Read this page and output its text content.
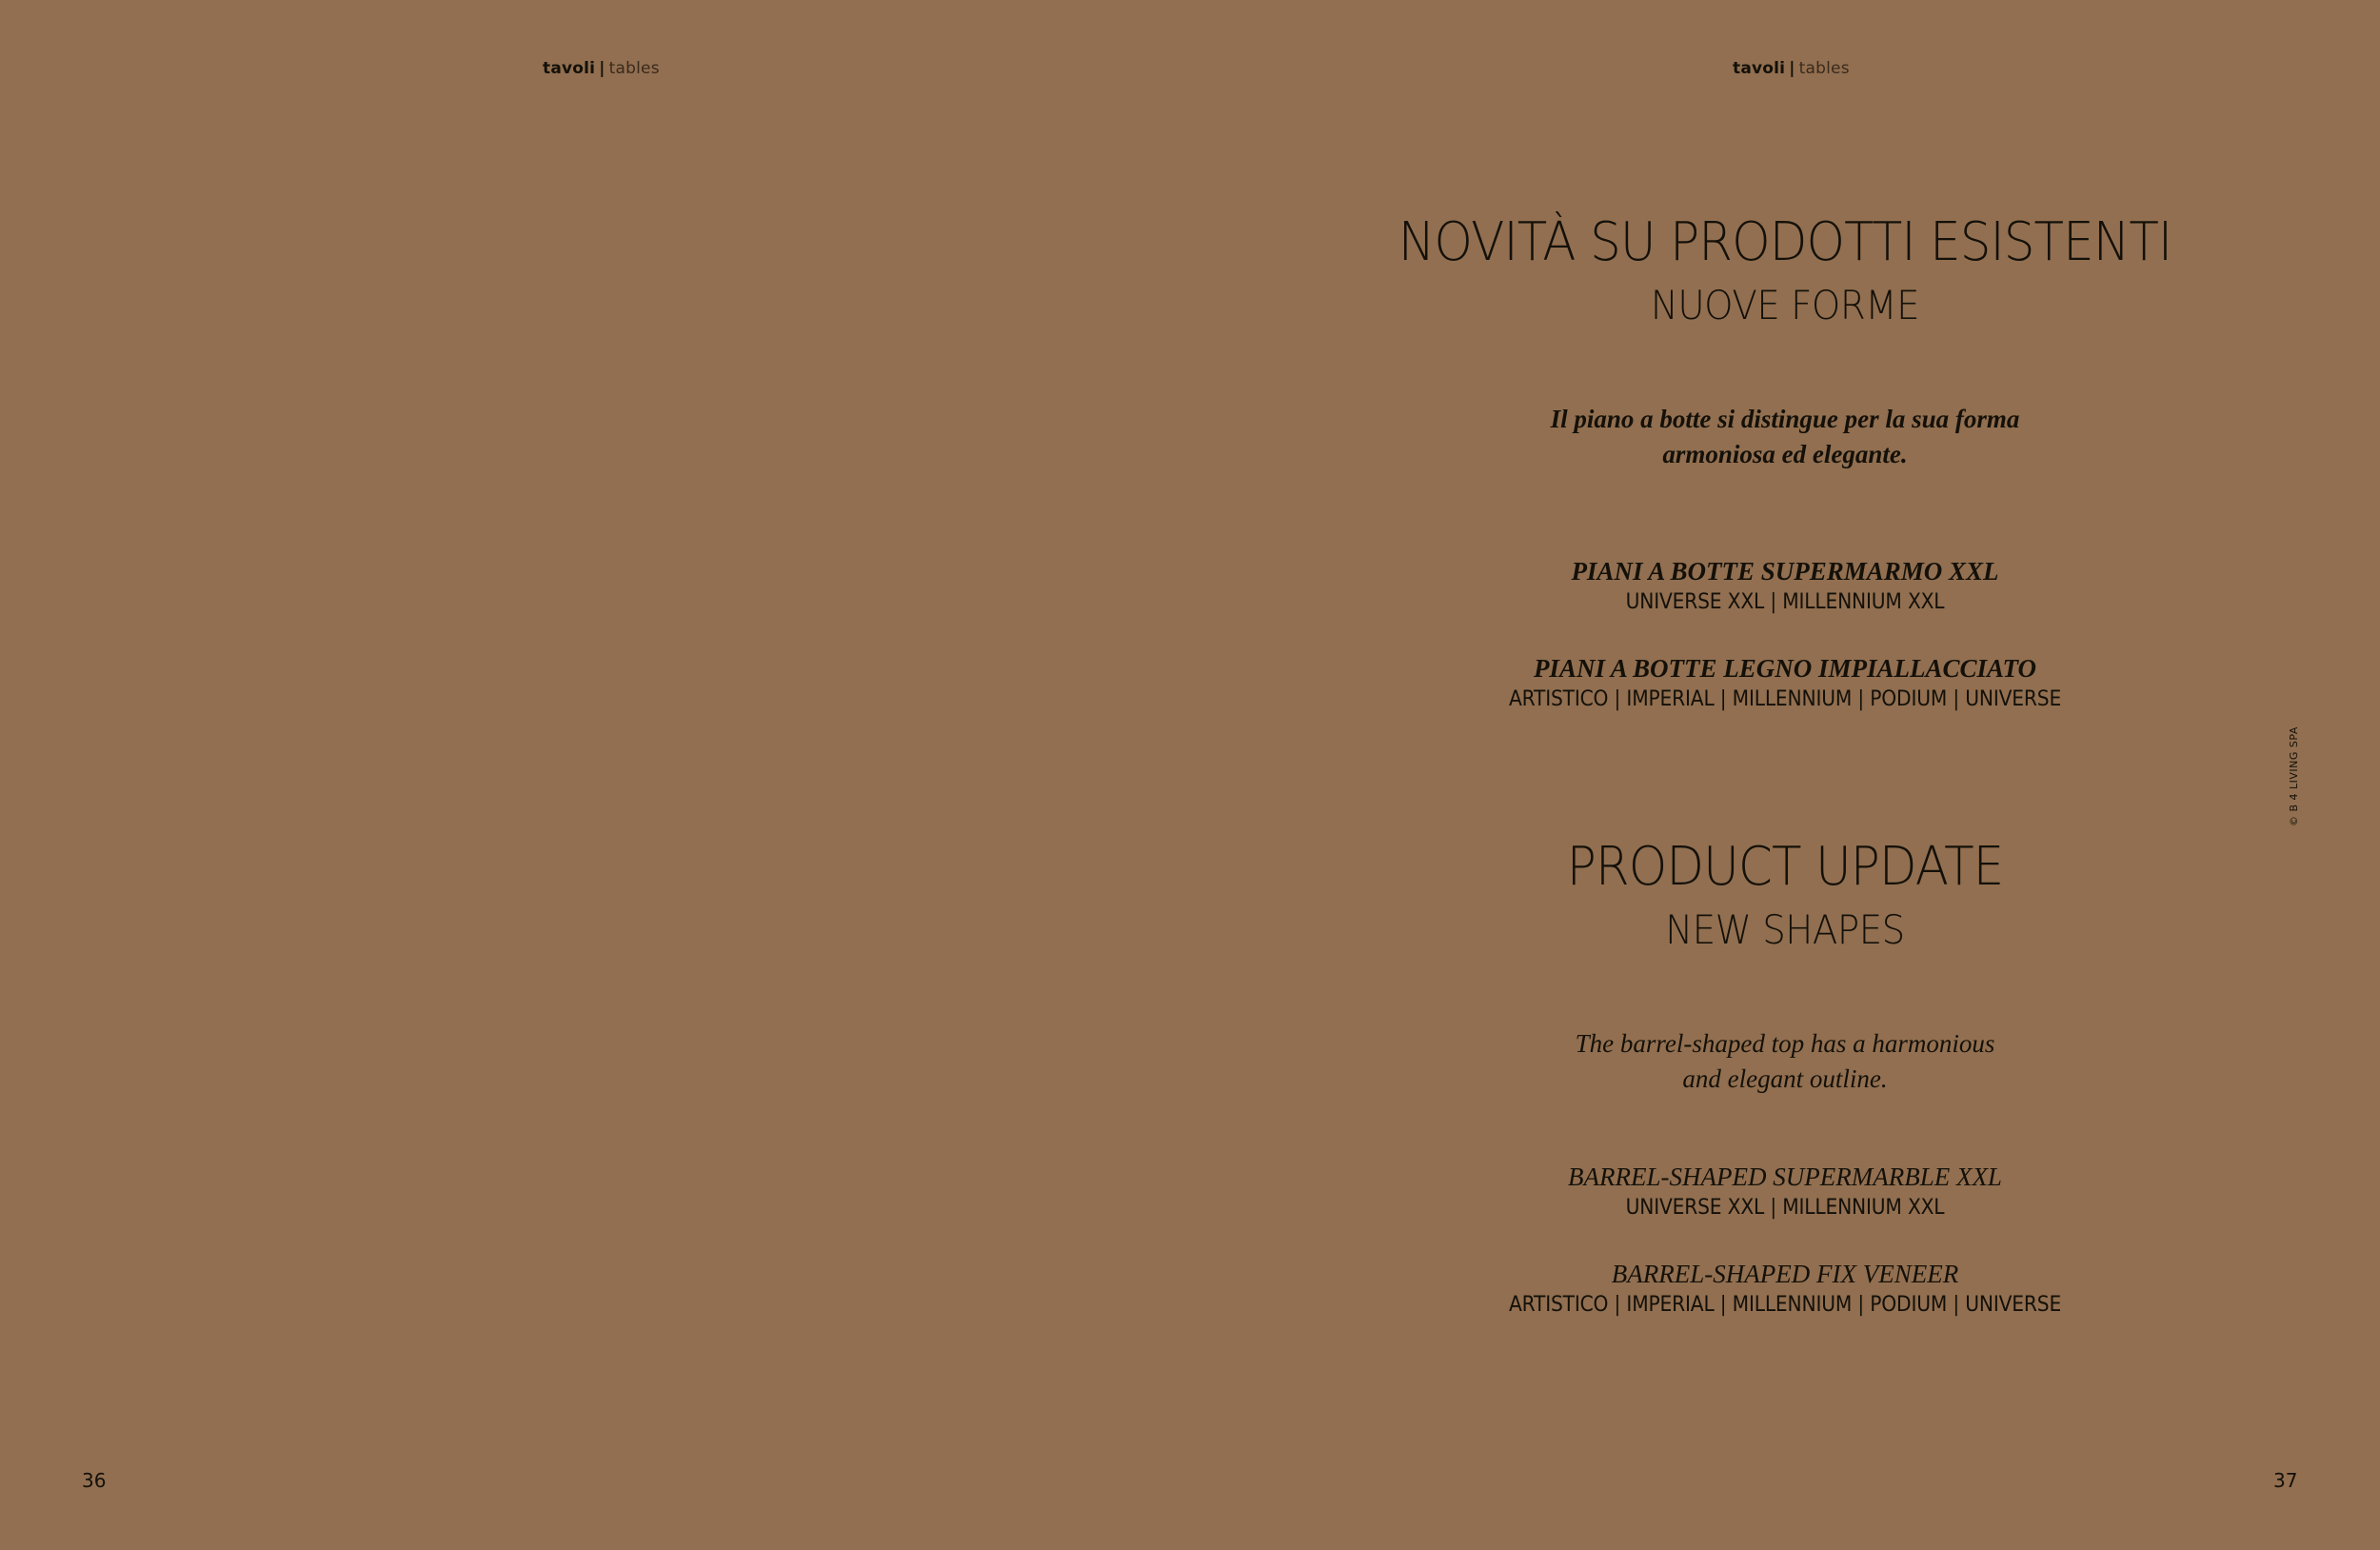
tavoli | tables
36
tavoli | tables
37
NOVITÀ SU PRODOTTI ESISTENTI
NUOVE FORME
Il piano a botte si distingue per la sua forma
armoniosa ed elegante.
PIANI A BOTTE SUPERMARMO XXL
UNIVERSE XXL | MILLENNIUM XXL
PIANI A BOTTE LEGNO IMPIALLACCIATO
ARTISTICO | IMPERIAL | MILLENNIUM | PODIUM | UNIVERSE
PRODUCT UPDATE
NEW SHAPES
The barrel-shaped top has a harmonious
and elegant outline.
BARREL-SHAPED SUPERMARBLE XXL
UNIVERSE XXL | MILLENNIUM XXL
BARREL-SHAPED FIX VENEER
ARTISTICO | IMPERIAL | MILLENNIUM | PODIUM | UNIVERSE
© B 4 LIVING SPA
